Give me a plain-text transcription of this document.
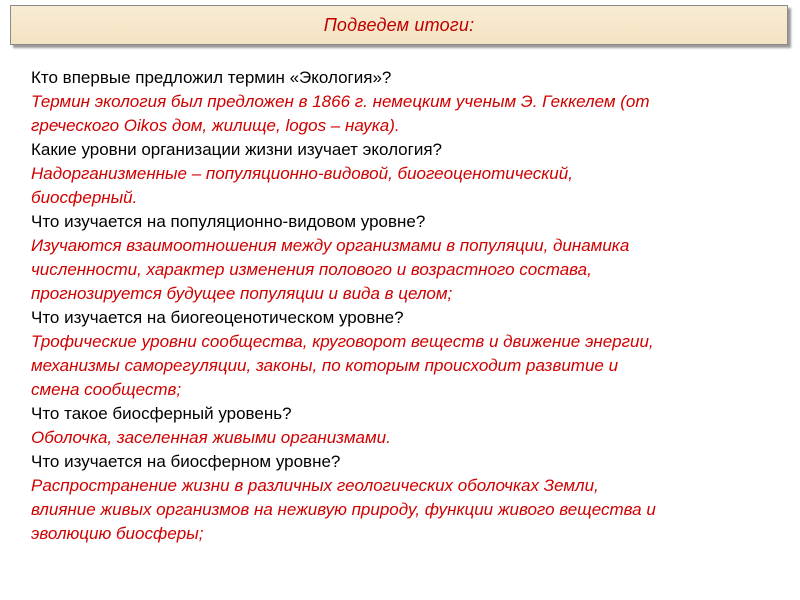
Подведем итоги:

Кто впервые предложил термин «Экология»?

Термин экология был предложен в 1866 г. немецким ученым Э. Геккелем (от

греческого Oikos дом, жилище, logos – наука).

Какие уровни организации жизни изучает экология?

Надорганизменные – популяционно-видовой, биогеоценотический,

биосферный.

Что изучается на популяционно-видовом уровне?

Изучаются взаимоотношения между организмами в популяции, динамика

численности, характер изменения полового и возрастного состава,

прогнозируется будущее популяции и вида в целом;

Что изучается на биогеоценотическом уровне?

Трофические уровни сообщества, круговорот веществ и движение энергии,

механизмы саморегуляции, законы, по которым происходит развитие и

смена сообществ;

Что такое биосферный уровень?

Оболочка, заселенная живыми организмами.

Что изучается на биосферном уровне?

Распространение жизни в различных геологических оболочках Земли,

влияние живых организмов на неживую природу, функции живого вещества и

эволюцию биосферы;
